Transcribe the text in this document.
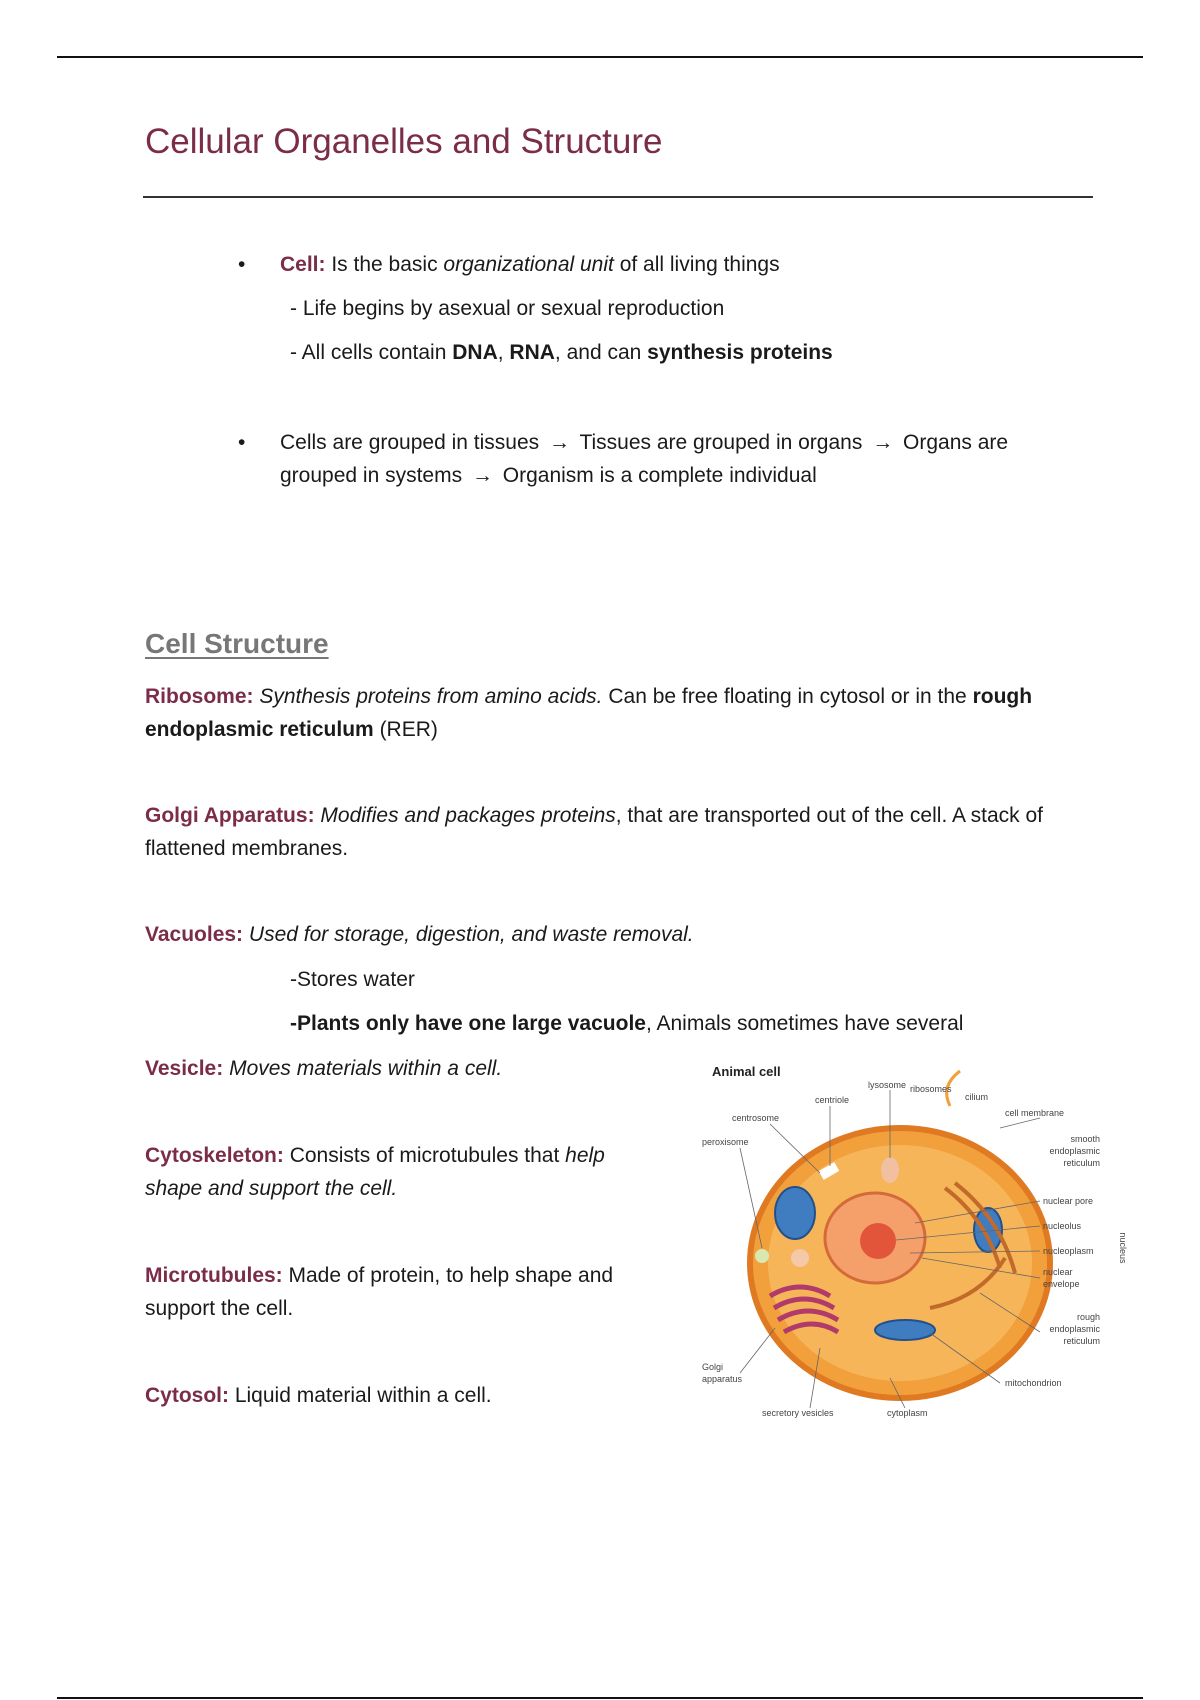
Cellular Organelles and Structure
•	Cell: Is the basic organizational unit of all living things
- Life begins by asexual or sexual reproduction
- All cells contain DNA, RNA, and can synthesis proteins
•	Cells are grouped in tissues → Tissues are grouped in organs → Organs are grouped in systems → Organism is a complete individual
Cell Structure
Ribosome: Synthesis proteins from amino acids. Can be free floating in cytosol or in the rough endoplasmic reticulum (RER)
Golgi Apparatus: Modifies and packages proteins, that are transported out of the cell. A stack of flattened membranes.
Vacuoles: Used for storage, digestion, and waste removal.
-Stores water
-Plants only have one large vacuole, Animals sometimes have several
Vesicle: Moves materials within a cell.
Cytoskeleton: Consists of microtubules that help shape and support the cell.
Microtubules: Made of protein, to help shape and support the cell.
Cytosol: Liquid material within a cell.
Animal cell
lysosome ribosomes
centriole	cilium
centrosome	cell membrane
peroxisome	smooth
endoplasmic
reticulum
nuclear pore
nucleolus
nucleoplasm
nuclear
envelope
nucleus
rough
endoplasmic
reticulum
Golgi
apparatus	mitochondrion
secretory vesicles	cytoplasm
